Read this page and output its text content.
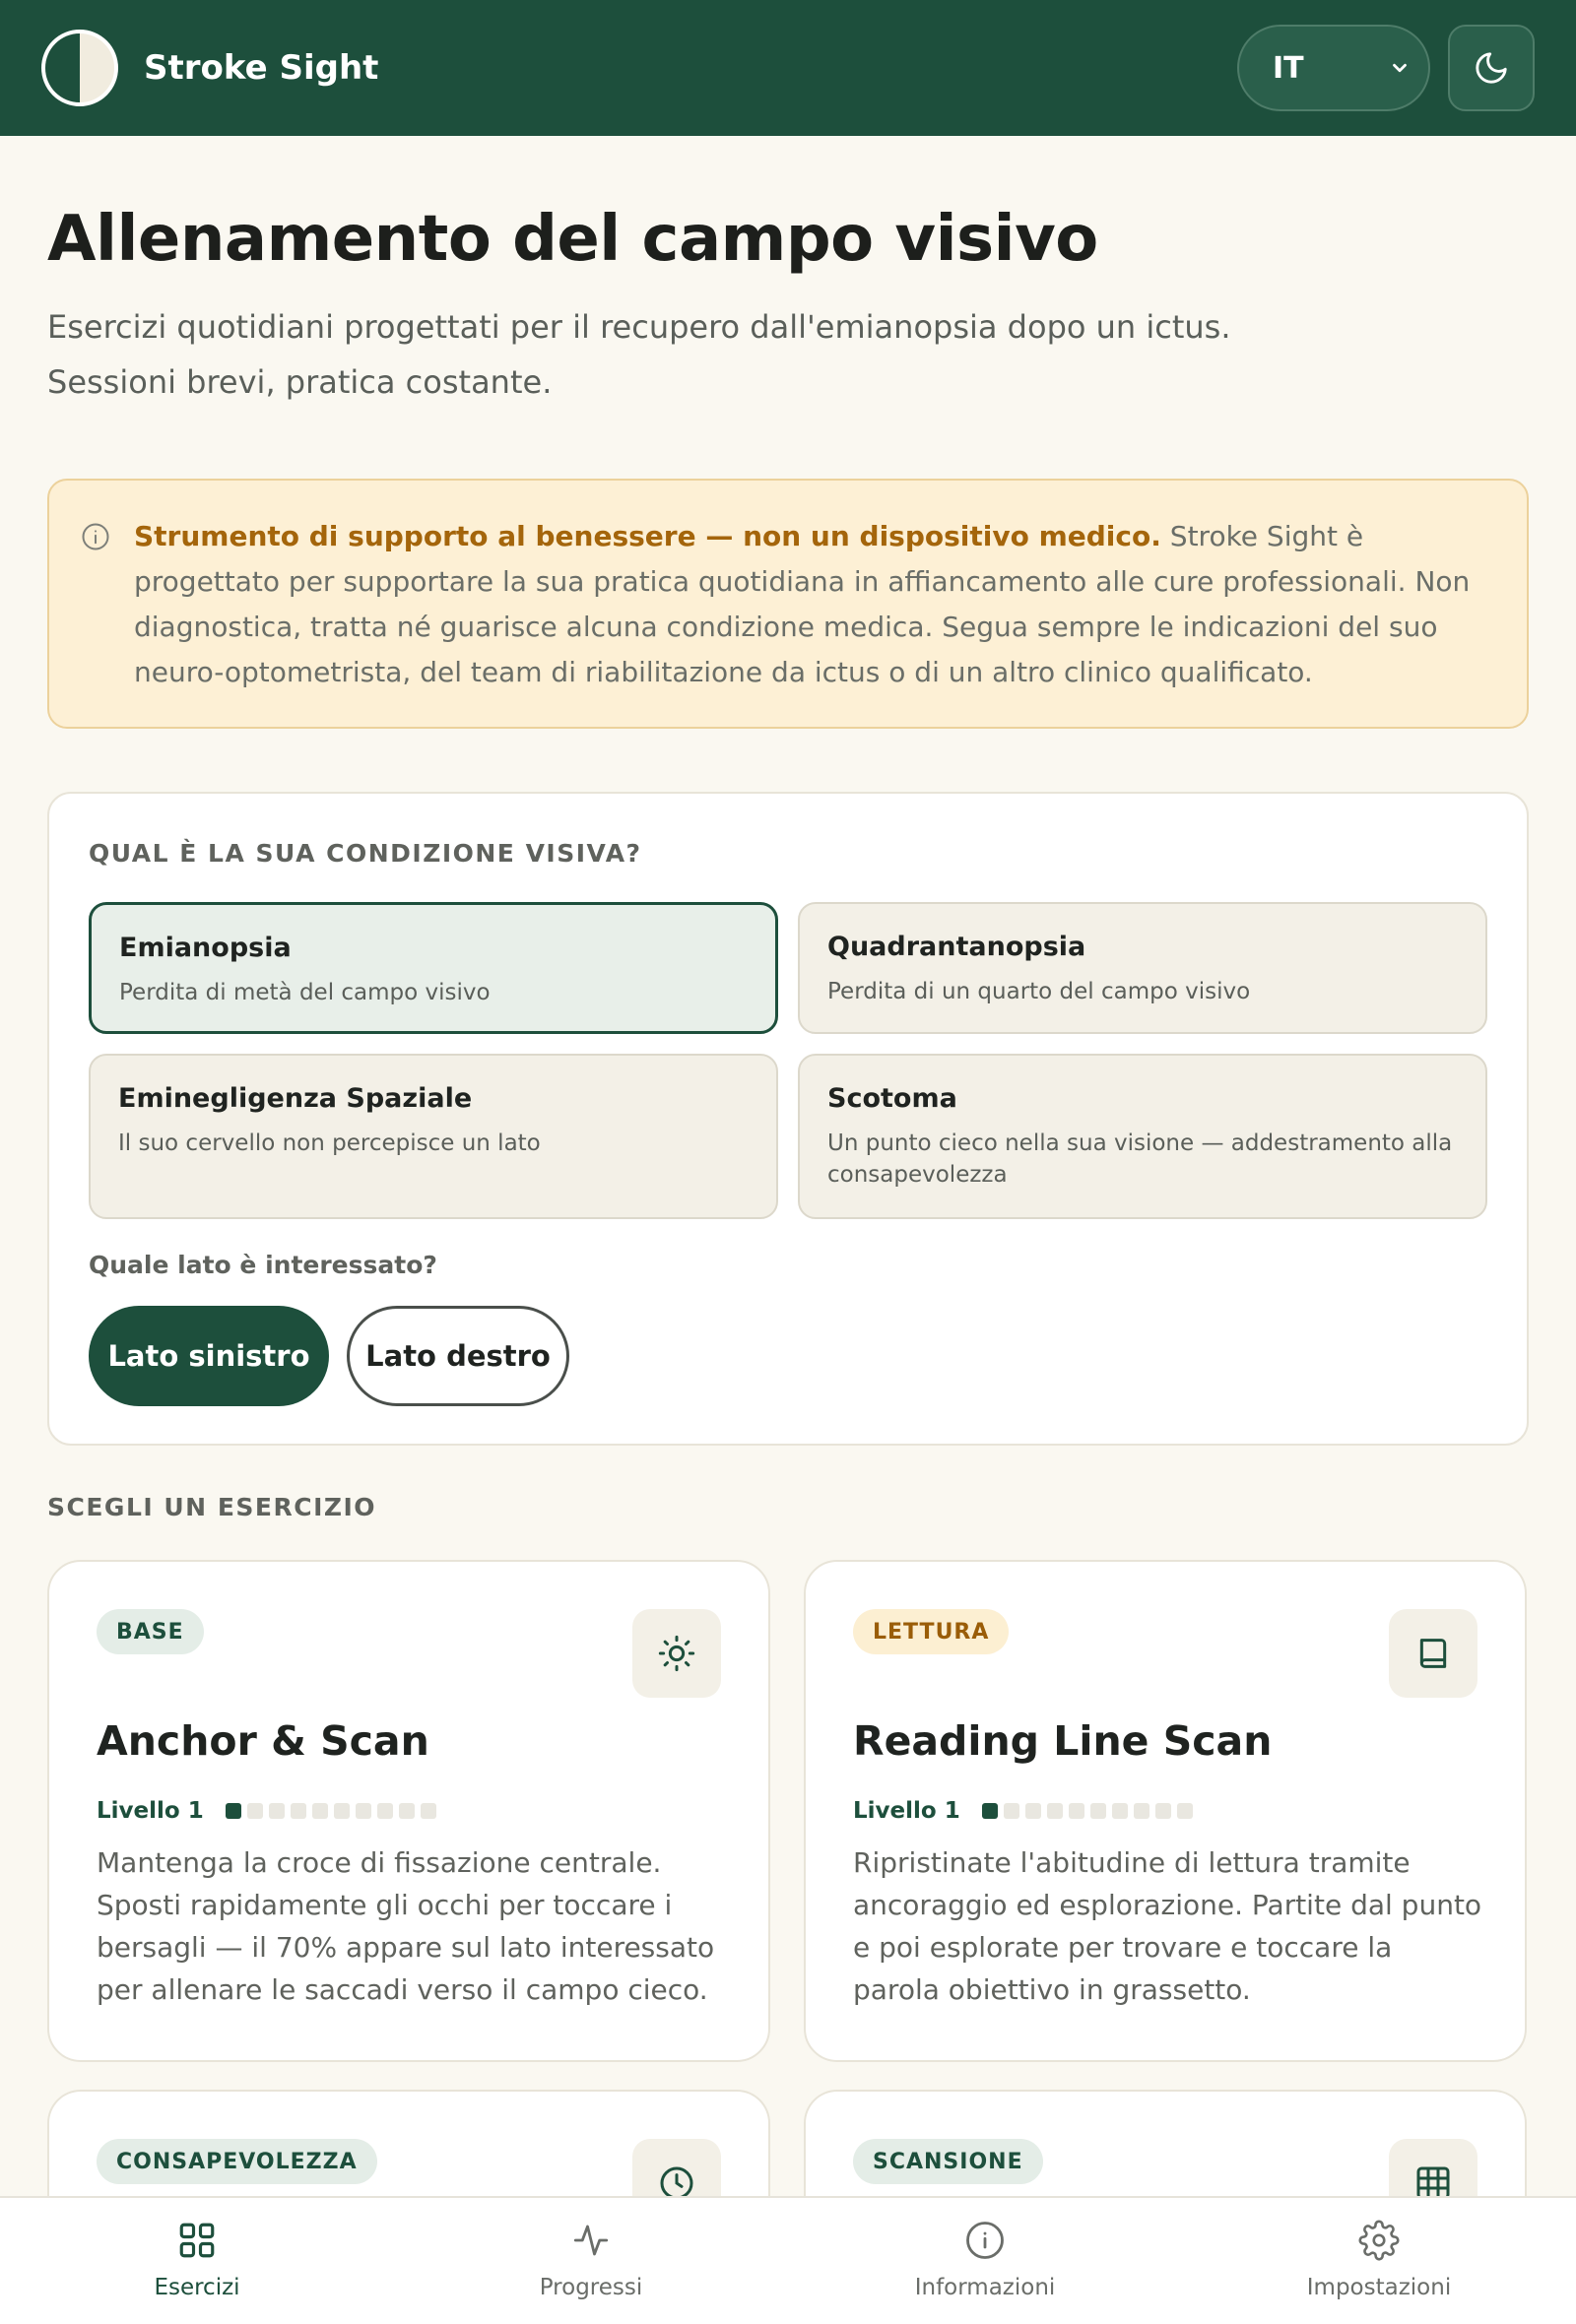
Stroke Sight	IT
Allenamento del campo visivo

Esercizi quotidiani progettati per il recupero dall'emianopsia dopo un ictus. Sessioni brevi, pratica costante.

Strumento di supporto al benessere — non un dispositivo medico. Stroke Sight è progettato per supportare la sua pratica quotidiana in affiancamento alle cure professionali. Non diagnostica, tratta né guarisce alcuna condizione medica. Segua sempre le indicazioni del suo neuro-optometrista, del team di riabilitazione da ictus o di un altro clinico qualificato.
QUAL È LA SUA CONDIZIONE VISIVA?
Emianopsia
Perdita di metà del campo visivo
Quadrantanopsia
Perdita di un quarto del campo visivo
Eminegligenza Spaziale
Il suo cervello non percepisce un lato
Scotoma
Un punto cieco nella sua visione — addestramento alla consapevolezza
Quale lato è interessato?
Lato sinistro	Lato destro
SCEGLI UN ESERCIZIO
BASE
Anchor & Scan
Livello 1
Mantenga la croce di fissazione centrale. Sposti rapidamente gli occhi per toccare i bersagli — il 70% appare sul lato interessato per allenare le saccadi verso il campo cieco.
LETTURA
Reading Line Scan
Livello 1
Ripristinate l'abitudine di lettura tramite ancoraggio ed esplorazione. Partite dal punto e poi esplorate per trovare e toccare la parola obiettivo in grassetto.
CONSAPEVOLEZZA	SCANSIONE
Esercizi	Progressi	Informazioni	Impostazioni
